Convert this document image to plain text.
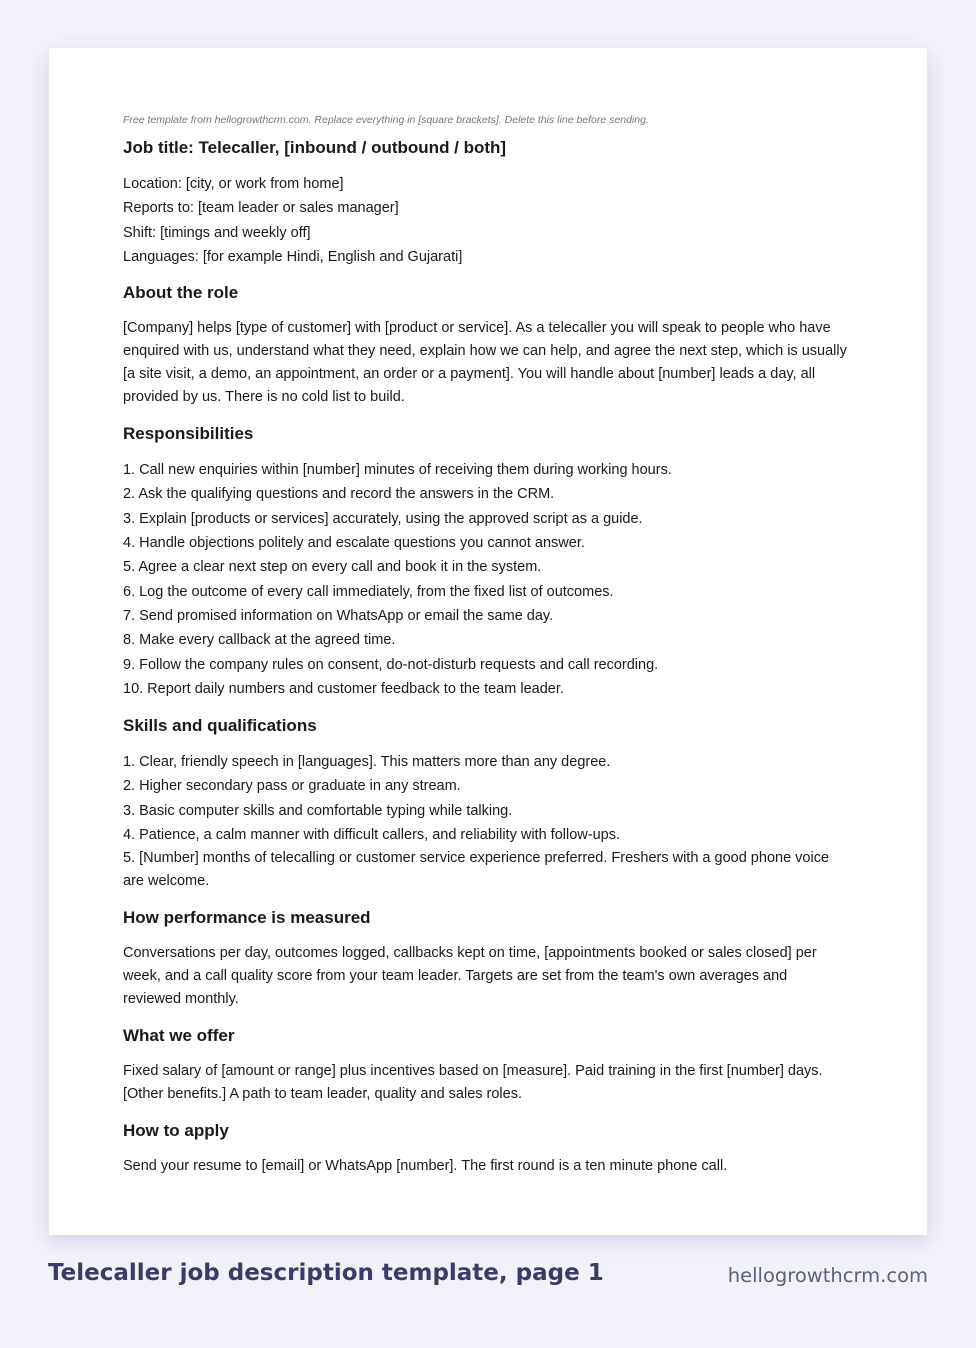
Free template from hellogrowthcrm.com. Replace everything in [square brackets]. Delete this line before sending.

Job title: Telecaller, [inbound / outbound / both]

Location: [city, or work from home]

Reports to: [team leader or sales manager]

Shift: [timings and weekly off]

Languages: [for example Hindi, English and Gujarati]

About the role

[Company] helps [type of customer] with [product or service]. As a telecaller you will speak to people who have enquired with us, understand what they need, explain how we can help, and agree the next step, which is usually [a site visit, a demo, an appointment, an order or a payment]. You will handle about [number] leads a day, all provided by us. There is no cold list to build.

Responsibilities
1. Call new enquiries within [number] minutes of receiving them during working hours.
2. Ask the qualifying questions and record the answers in the CRM.
3. Explain [products or services] accurately, using the approved script as a guide.
4. Handle objections politely and escalate questions you cannot answer.
5. Agree a clear next step on every call and book it in the system.
6. Log the outcome of every call immediately, from the fixed list of outcomes.
7. Send promised information on WhatsApp or email the same day.
8. Make every callback at the agreed time.
9. Follow the company rules on consent, do-not-disturb requests and call recording.
10. Report daily numbers and customer feedback to the team leader.
Skills and qualifications
1. Clear, friendly speech in [languages]. This matters more than any degree.
2. Higher secondary pass or graduate in any stream.
3. Basic computer skills and comfortable typing while talking.
4. Patience, a calm manner with difficult callers, and reliability with follow-ups.
5. [Number] months of telecalling or customer service experience preferred. Freshers with a good phone voice are welcome.
How performance is measured

Conversations per day, outcomes logged, callbacks kept on time, [appointments booked or sales closed] per week, and a call quality score from your team leader. Targets are set from the team's own averages and reviewed monthly.

What we offer

Fixed salary of [amount or range] plus incentives based on [measure]. Paid training in the first [number] days. [Other benefits.] A path to team leader, quality and sales roles.

How to apply

Send your resume to [email] or WhatsApp [number]. The first round is a ten minute phone call.

Telecaller job description template, page 1	hellogrowthcrm.com
